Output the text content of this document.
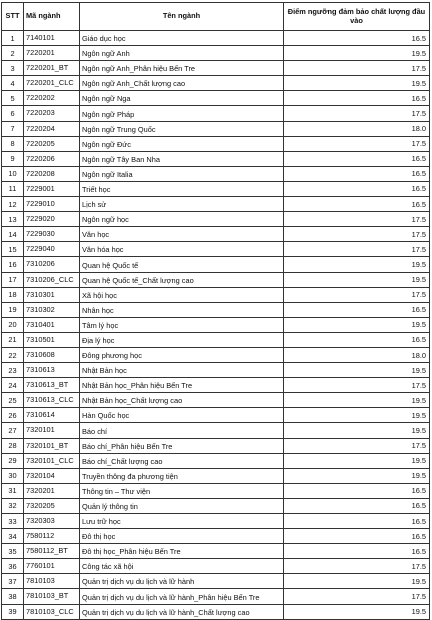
STT	Mã ngành	Tên ngành	Điểm ngưỡng đảm bảo chất lượng đầu vào
1	7140101	Giáo dục học	16.5
2	7220201	Ngôn ngữ Anh	19.5
3	7220201_BT	Ngôn ngữ Anh_Phân hiệu Bến Tre	17.5
4	7220201_CLC	Ngôn ngữ Anh_Chất lượng cao	19.5
5	7220202	Ngôn ngữ Nga	16.5
6	7220203	Ngôn ngữ Pháp	17.5
7	7220204	Ngôn ngữ Trung Quốc	18.0
8	7220205	Ngôn ngữ Đức	17.5
9	7220206	Ngôn ngữ Tây Ban Nha	16.5
10	7220208	Ngôn ngữ Italia	16.5
11	7229001	Triết học	16.5
12	7229010	Lịch sử	16.5
13	7229020	Ngôn ngữ học	17.5
14	7229030	Văn học	17.5
15	7229040	Văn hóa học	17.5
16	7310206	Quan hệ Quốc tế	19.5
17	7310206_CLC	Quan hệ Quốc tế_Chất lượng cao	19.5
18	7310301	Xã hội học	17.5
19	7310302	Nhân học	16.5
20	7310401	Tâm lý học	19.5
21	7310501	Địa lý học	16.5
22	7310608	Đông phương học	18.0
23	7310613	Nhật Bản học	19.5
24	7310613_BT	Nhật Bản học_Phân hiệu Bến Tre	17.5
25	7310613_CLC	Nhật Bản học_Chất lượng cao	19.5
26	7310614	Hàn Quốc học	19.5
27	7320101	Báo chí	19.5
28	7320101_BT	Báo chí_Phân hiệu Bến Tre	17.5
29	7320101_CLC	Báo chí_Chất lượng cao	19.5
30	7320104	Truyền thông đa phương tiện	19.5
31	7320201	Thông tin – Thư viện	16.5
32	7320205	Quản lý thông tin	16.5
33	7320303	Lưu trữ học	16.5
34	7580112	Đô thị học	16.5
35	7580112_BT	Đô thị học_Phân hiệu Bến Tre	16.5
36	7760101	Công tác xã hội	17.5
37	7810103	Quản trị dịch vụ du lịch và lữ hành	19.5
38	7810103_BT	Quản trị dịch vụ du lịch và lữ hành_Phân hiệu Bến Tre	17.5
39	7810103_CLC	Quản trị dịch vụ du lịch và lữ hành_Chất lượng cao	19.5
